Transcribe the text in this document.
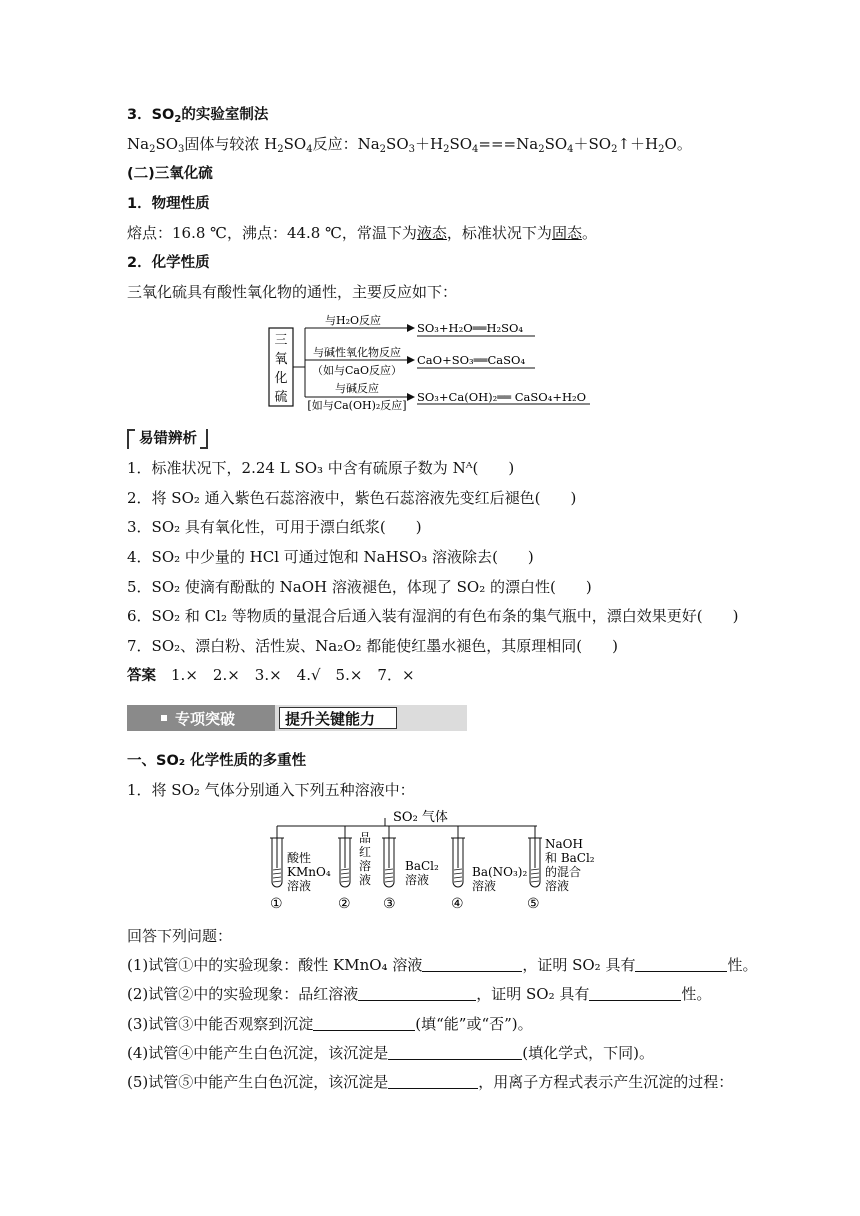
3．$SO_2$的实验室制法
$Na_2SO_3$固体与较浓 $H_2SO_4$反应：$Na_2SO_3+H_2SO_4===Na_2SO_4+SO_2↑+H_2O$。
(二)三氧化硫
1．物理性质
熔点：16.8 ℃，沸点：44.8 ℃，常温下为液态，标准状况下为固态。
2．化学性质
三氧化硫具有酸性氧化物的通性，主要反应如下：
三
氧
化
硫
与H₂O反应
与碱性氧化物反应
（如与CaO反应）
与碱反应
[如与Ca(OH)₂反应]
SO₃+H₂O══H₂SO₄
CaO+SO₃══CaSO₄
SO₃+Ca(OH)₂══ CaSO₄+H₂O
易错辨析
1．标准状况下，2.24 L SO₃ 中含有硫原子数为 Nᴬ(　　)
2．将 SO₂ 通入紫色石蕊溶液中，紫色石蕊溶液先变红后褪色(　　)
3．SO₂ 具有氧化性，可用于漂白纸浆(　　)
4．SO₂ 中少量的 HCl 可通过饱和 NaHSO₃ 溶液除去(　　)
5．SO₂ 使滴有酚酞的 NaOH 溶液褪色，体现了 SO₂ 的漂白性(　　)
6．SO₂ 和 Cl₂ 等物质的量混合后通入装有湿润的有色布条的集气瓶中，漂白效果更好(　　)
7．SO₂、漂白粉、活性炭、Na₂O₂ 都能使红墨水褪色，其原理相同(　　)
答案　 1.×　2.×　3.×　4.√　5.×　7．×
专项突破	提升关键能力
一、SO₂ 化学性质的多重性
1．将 SO₂ 气体分别通入下列五种溶液中：
SO₂ 气体
酸性
KMnO₄
溶液
品
红
溶
液
BaCl₂
溶液
Ba(NO₃)₂
溶液
NaOH
和 BaCl₂
的混合
溶液
①	② ③	④	⑤
回答下列问题：
(1)试管①中的实验现象：酸性 KMnO₄ 溶液	，证明 SO₂ 具有	性。
(2)试管②中的实验现象：品红溶液	，证明 SO₂ 具有	性。
(3)试管③中能否观察到沉淀	(填“能”或“否”)。
(4)试管④中能产生白色沉淀，该沉淀是	(填化学式，下同)。
(5)试管⑤中能产生白色沉淀，该沉淀是	，用离子方程式表示产生沉淀的过程：
